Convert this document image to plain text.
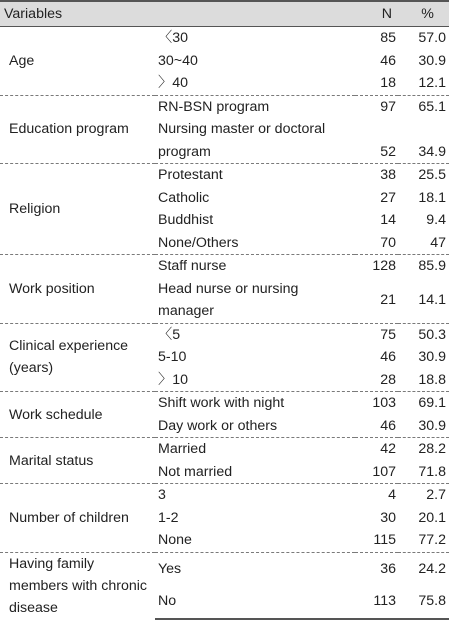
Variables		N	%
Age	〈30	85	57.0
	30~40	46	30.9
	〉40	18	12.1
Education program	RN-BSN program	97	65.1
	Nursing master or doctoral program	52	34.9
Religion	Protestant	38	25.5
	Catholic	27	18.1
	Buddhist	14	9.4
	None/Others	70	47
Work position	Staff nurse	128	85.9
	Head nurse or nursing manager	21	14.1
Clinical experience (years)	〈5	75	50.3
	5-10	46	30.9
	〉10	28	18.8
Work schedule	Shift work with night	103	69.1
	Day work or others	46	30.9
Marital status	Married	42	28.2
	Not married	107	71.8
Number of children	3	4	2.7
	1-2	30	20.1
	None	115	77.2
Having family members with chronic disease	Yes	36	24.2
	No	113	75.8
